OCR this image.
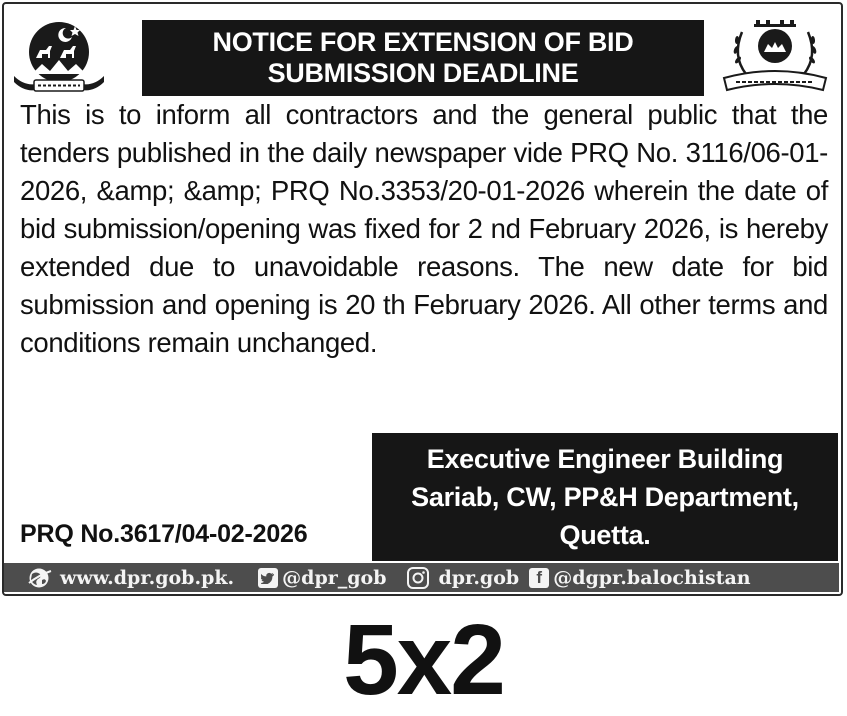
NOTICE FOR EXTENSION OF BID
SUBMISSION DEADLINE
This is to inform all contractors and the general public that the tenders published in the daily newspaper vide PRQ No. 3116/06-01-2026, &amp; &amp; PRQ No.3353/20-01-2026 wherein the date of bid submission/opening was fixed for 2 nd February 2026, is hereby extended due to unavoidable reasons. The new date for bid submission and opening is 20 th February 2026. All other terms and conditions remain unchanged.
PRQ No.3617/04-02-2026
Executive Engineer Building
Sariab, CW, PP&H Department,
Quetta.
www.dpr.gob.pk.	@dpr_gob	dpr.gob	f @dgpr.balochistan
5x2
